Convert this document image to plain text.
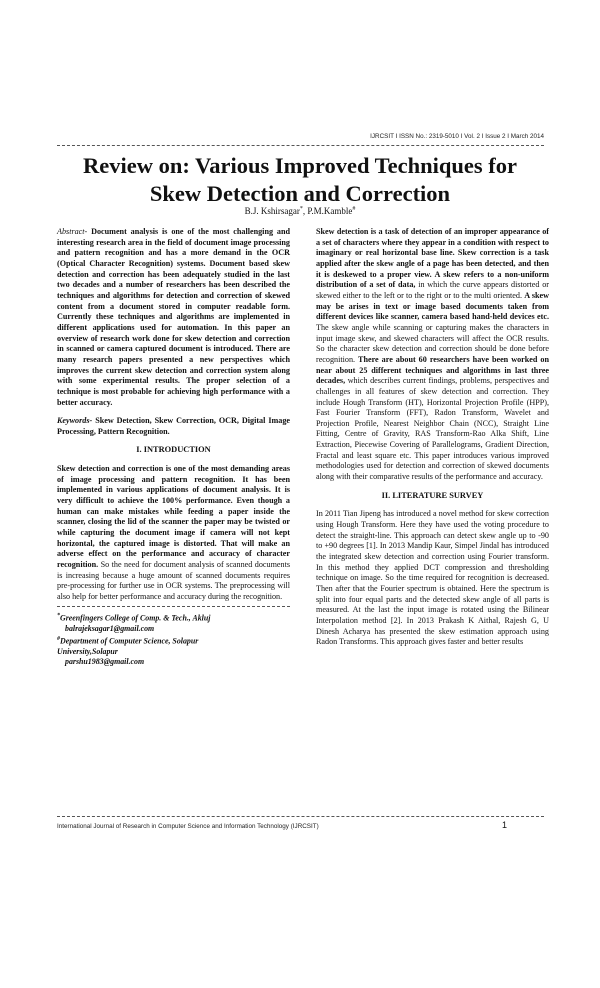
IJRCSIT I ISSN No.: 2319-5010 I Vol. 2 I Issue 2 I March 2014
Review on: Various Improved Techniques for
Skew Detection and Correction
B.J. Kshirsagar*, P.M.Kamble#

Abstract- Document analysis is one of the most challenging and interesting research area in the field of document image processing and pattern recognition and has a more demand in the OCR (Optical Character Recognition) systems. Document based skew detection and correction has been adequately studied in the last two decades and a number of researchers has been described the techniques and algorithms for detection and correction of skewed content from a document stored in computer readable form. Currently these techniques and algorithms are implemented in different applications used for automation. In this paper an overview of research work done for skew detection and correction in scanned or camera captured document is introduced. There are many research papers presented a new perspectives which improves the current skew detection and correction system along with some experimental results. The proper selection of a technique is most probable for achieving high performance with a better accuracy.

Keywords- Skew Detection, Skew Correction, OCR, Digital Image Processing, Pattern Recognition.

I. INTRODUCTION

Skew detection and correction is one of the most demanding areas of image processing and pattern recognition. It has been implemented in various applications of document analysis. It is very difficult to achieve the 100% performance. Even though a human can make mistakes while feeding a paper inside the scanner, closing the lid of the scanner the paper may be twisted or while capturing the document image if camera will not kept horizontal, the captured image is distorted. That will make an adverse effect on the performance and accuracy of character recognition. So the need for document analysis of scanned documents is increasing because a huge amount of scanned documents requires pre-processing for further use in OCR systems. The preprocessing will also help for better performance and accuracy during the recognition.

*Greenfingers College of Comp. & Tech., Akluj
balrajeksagar1@gmail.com
#Department of Computer Science, Solapur
University,Solapur
parshu1983@gmail.com

Skew detection is a task of detection of an improper appearance of a set of characters where they appear in a condition with respect to imaginary or real horizontal base line. Skew correction is a task applied after the skew angle of a page has been detected, and then it is deskewed to a proper view. A skew refers to a non-uniform distribution of a set of data, in which the curve appears distorted or skewed either to the left or to the right or to the multi oriented. A skew may be arises in text or image based documents taken from different devices like scanner, camera based hand-held devices etc. The skew angle while scanning or capturing makes the characters in input image skew, and skewed characters will affect the OCR results. So the character skew detection and correction should be done before recognition. There are about 60 researchers have been worked on near about 25 different techniques and algorithms in last three decades, which describes current findings, problems, perspectives and challenges in all features of skew detection and correction. They include Hough Transform (HT), Horizontal Projection Profile (HPP), Fast Fourier Transform (FFT), Radon Transform, Wavelet and Projection Profile, Nearest Neighbor Chain (NCC), Straight Line Fitting, Centre of Gravity, RAS Transform-Rao Alka Shift, Line Extraction, Piecewise Covering of Parallelograms, Gradient Direction, Fractal and least square etc. This paper introduces various improved methodologies used for detection and correction of skewed documents along with their comparative results of the performance and accuracy.

II. LITERATURE SURVEY

In 2011 Tian Jipeng has introduced a novel method for skew correction using Hough Transform. Here they have used the voting procedure to detect the straight-line. This approach can detect skew angle up to -90 to +90 degrees [1]. In 2013 Mandip Kaur, Simpel Jindal has introduced the integrated skew detection and correction using Fourier transform. In this method they applied DCT compression and thresholding technique on image. So the time required for recognition is decreased. Then after that the Fourier spectrum is obtained. Here the spectrum is split into four equal parts and the detected skew angle of all parts is measured. At the last the input image is rotated using the Bilinear Interpolation method [2]. In 2013 Prakash K Aithal, Rajesh G, U Dinesh Acharya has presented the skew estimation approach using Radon Transforms. This approach gives faster and better results

International Journal of Research in Computer Science and Information Technology (IJRCSIT)	1
